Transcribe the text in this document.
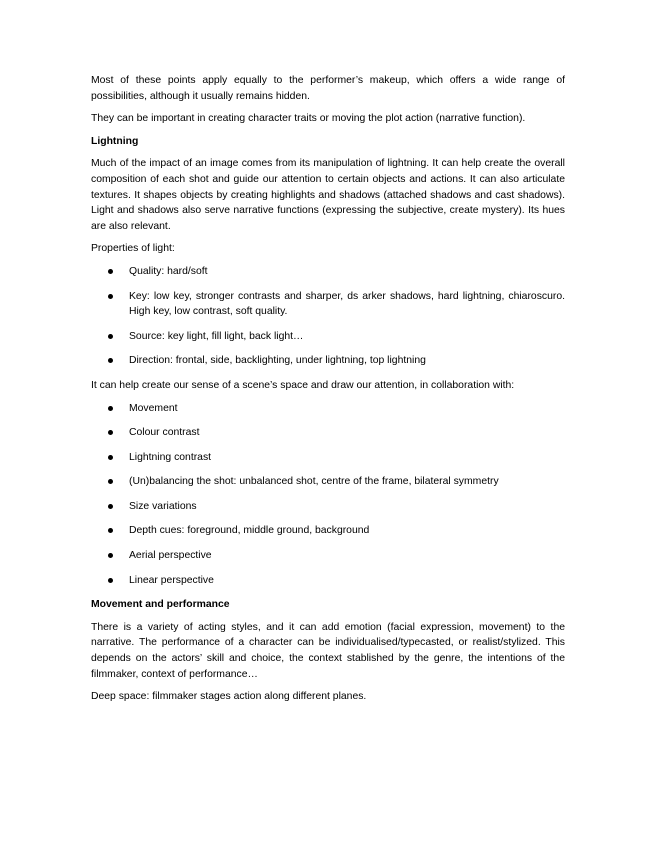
Most of these points apply equally to the performer’s makeup, which offers a wide range of possibilities, although it usually remains hidden.

They can be important in creating character traits or moving the plot action (narrative function).

Lightning

Much of the impact of an image comes from its manipulation of lightning. It can help create the overall composition of each shot and guide our attention to certain objects and actions. It can also articulate textures. It shapes objects by creating highlights and shadows (attached shadows and cast shadows). Light and shadows also serve narrative functions (expressing the subjective, create mystery). Its hues are also relevant.

Properties of light:

Quality: hard/soft
Key: low key, stronger contrasts and sharper, ds arker shadows, hard lightning, chiaroscuro. High key, low contrast, soft quality.
Source: key light, fill light, back light…
Direction: frontal, side, backlighting, under lightning, top lightning

It can help create our sense of a scene’s space and draw our attention, in collaboration with:

Movement
Colour contrast
Lightning contrast
(Un)balancing the shot: unbalanced shot, centre of the frame, bilateral symmetry
Size variations
Depth cues: foreground, middle ground, background
Aerial perspective
Linear perspective

Movement and performance

There is a variety of acting styles, and it can add emotion (facial expression, movement) to the narrative. The performance of a character can be individualised/typecasted, or realist/stylized. This depends on the actors’ skill and choice, the context stablished by the genre, the intentions of the filmmaker, context of performance…

Deep space: filmmaker stages action along different planes.
